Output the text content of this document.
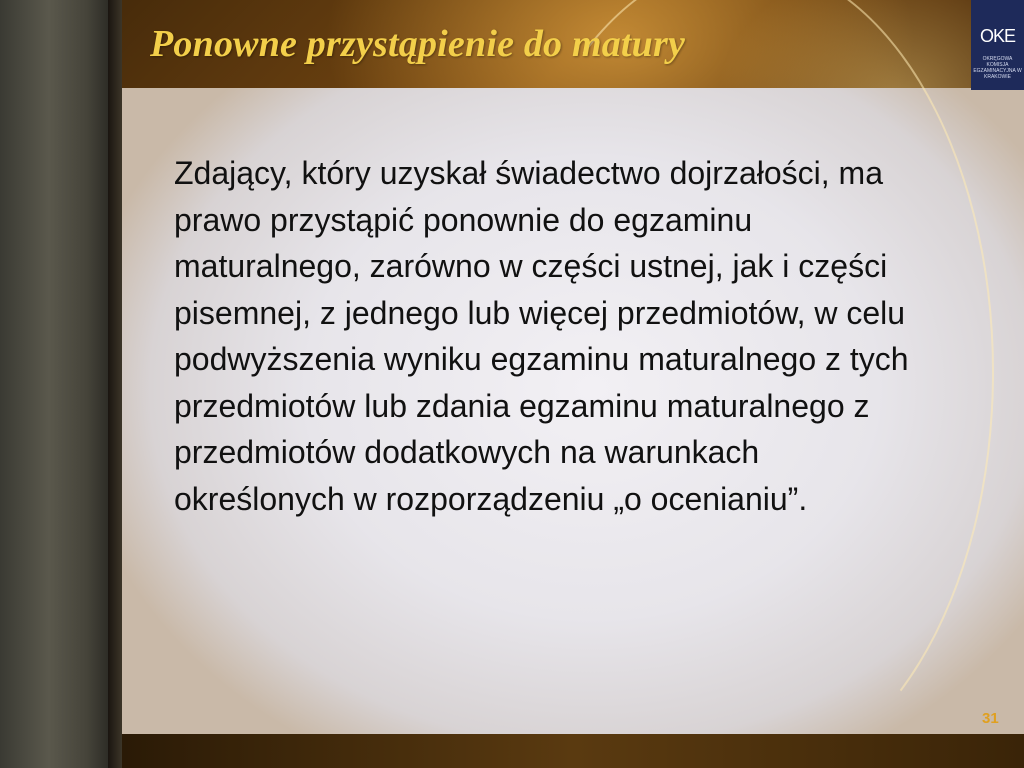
Ponowne przystąpienie do matury	OKE
OKRĘGOWA KOMISJA EGZAMINACYJNA W KRAKOWIE

Zdający, który uzyskał świadectwo dojrzałości, ma prawo przystąpić ponownie do egzaminu maturalnego, zarówno w części ustnej, jak i części pisemnej, z jednego lub więcej przedmiotów, w celu podwyższenia wyniku egzaminu maturalnego z tych przedmiotów lub zdania egzaminu maturalnego z przedmiotów dodatkowych na warunkach określonych w rozporządzeniu „o ocenianiu”.

31
